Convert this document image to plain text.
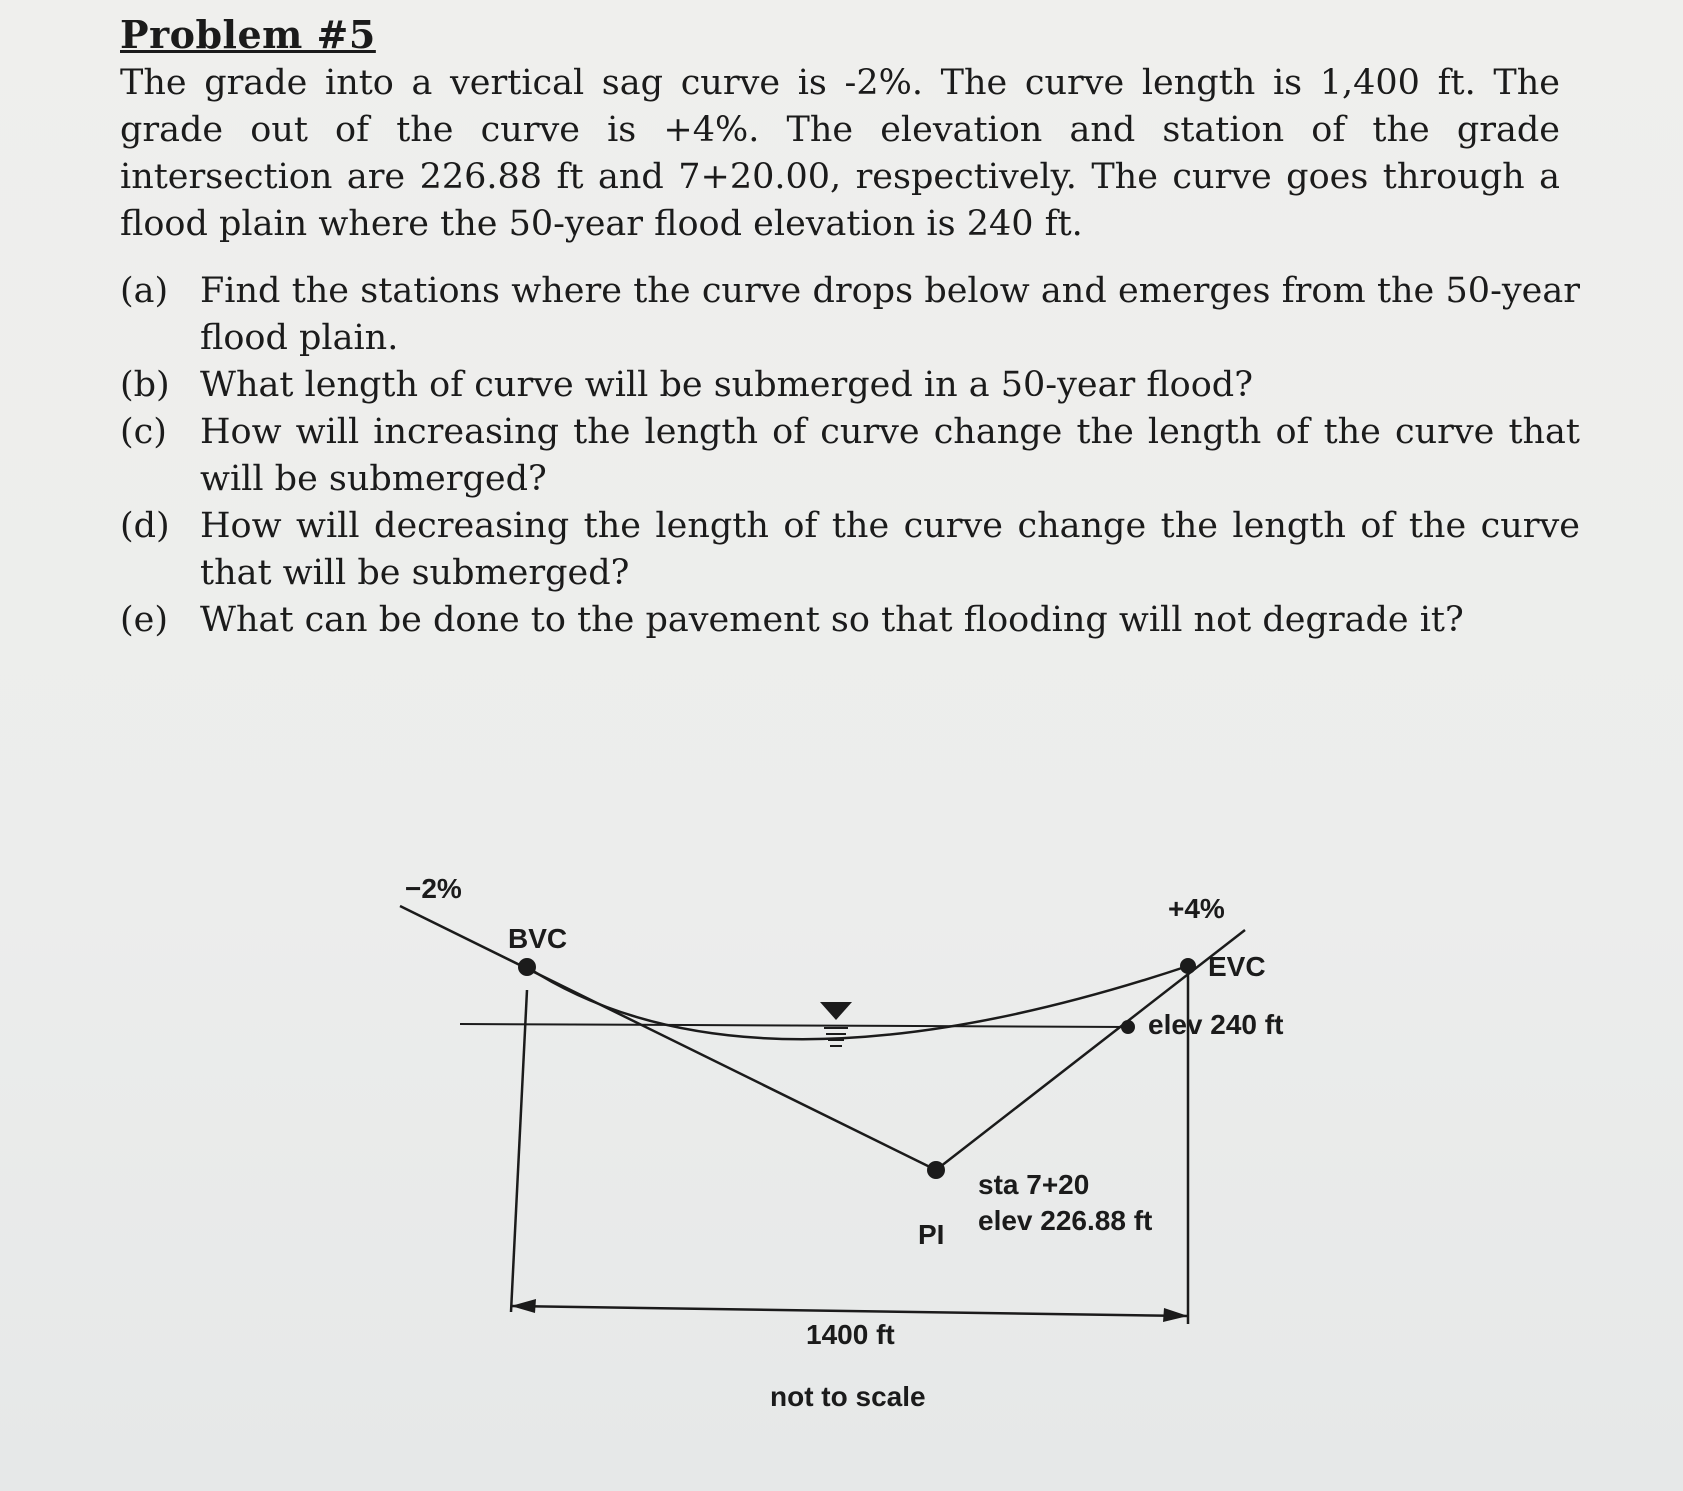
Problem #5
The grade into a vertical sag curve is -2%. The curve length is 1,400 ft. The grade out of the curve is +4%. The elevation and station of the grade intersection are 226.88 ft and 7+20.00, respectively. The curve goes through a flood plain where the 50-year flood elevation is 240 ft.
(a) Find the stations where the curve drops below and emerges from the 50-year flood plain.
(b) What length of curve will be submerged in a 50-year flood?
(c) How will increasing the length of curve change the length of the curve that will be submerged?
(d) How will decreasing the length of the curve change the length of the curve that will be submerged?
(e) What can be done to the pavement so that flooding will not degrade it?
−2%
BVC
+4%
EVC
elev 240 ft
PI
sta 7+20
elev 226.88 ft
1400 ft
not to scale
